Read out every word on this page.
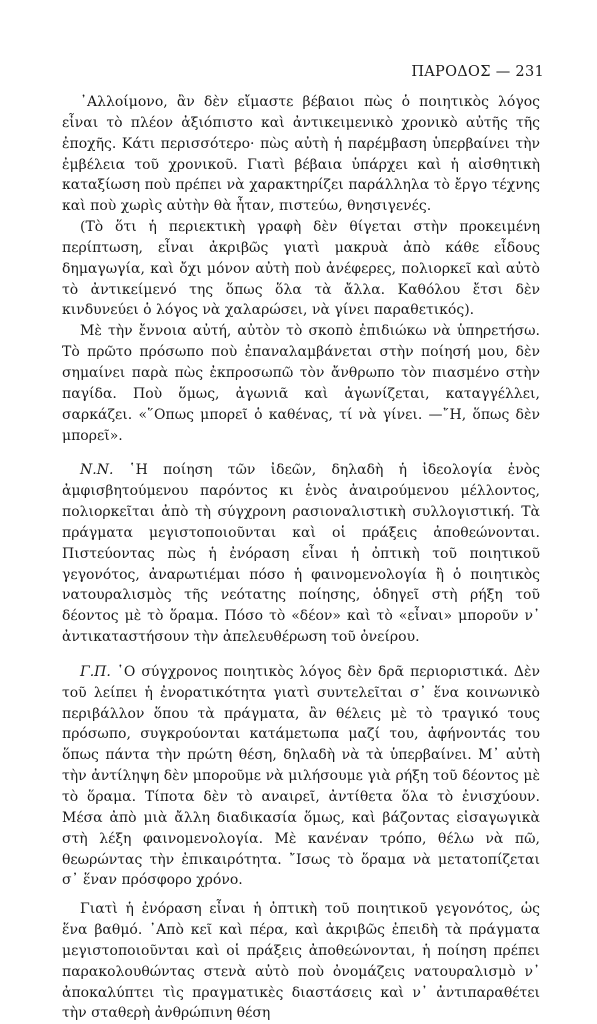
ΠΑΡΟΔΟΣ — 231

᾿Αλλοίμονο, ἂν δὲν εἴμαστε βέβαιοι πὼς ὁ ποιητικὸς λόγος εἶναι τὸ πλέον ἀξιόπιστο καὶ ἀντικειμενικὸ χρονικὸ αὐτῆς τῆς ἐποχῆς. Κάτι περισσότερο· πὼς αὐτὴ ἡ παρέμβαση ὑπερβαίνει τὴν ἐμβέλεια τοῦ χρονικοῦ. Γιατὶ βέβαια ὑπάρχει καὶ ἡ αἰσθητικὴ καταξίωση ποὺ πρέπει νὰ χαρακτηρίζει παράλληλα τὸ ἔργο τέχνης καὶ ποὺ χωρὶς αὐτὴν θὰ ἦταν, πιστεύω, θνησιγενές.

(Τὸ ὅτι ἡ περιεκτικὴ γραφὴ δὲν θίγεται στὴν προκειμένη περίπτωση, εἶναι ἀκριβῶς γιατὶ μακρυὰ ἀπὸ κάθε εἶδους δημαγωγία, καὶ ὄχι μόνον αὐτὴ ποὺ ἀνέφερες, πολιορκεῖ καὶ αὐτὸ τὸ ἀντικείμενό της ὅπως ὅλα τὰ ἄλλα. Καθόλου ἔτσι δὲν κινδυνεύει ὁ λόγος νὰ χαλαρώσει, νὰ γίνει παραθετικός).

Μὲ τὴν ἔννοια αὐτή, αὐτὸν τὸ σκοπὸ ἐπιδιώκω νὰ ὑπηρετήσω. Τὸ πρῶτο πρόσωπο ποὺ ἐπαναλαμβάνεται στὴν ποίησή μου, δὲν σημαίνει παρὰ πὼς ἐκπροσωπῶ τὸν ἄνθρωπο τὸν πιασμένο στὴν παγίδα. Ποὺ ὅμως, ἀγωνιᾶ καὶ ἀγωνίζεται, καταγγέλλει, σαρκάζει. «῞Οπως μπορεῖ ὁ καθένας, τί νὰ γίνει. —῎Η, ὅπως δὲν μπορεῖ».

Ν.Ν. ῾Η ποίηση τῶν ἰδεῶν, δηλαδὴ ἡ ἰδεολογία ἑνὸς ἀμφισβητούμενου παρόντος κι ἑνὸς ἀναιρούμενου μέλλοντος, πολιορκεῖται ἀπὸ τὴ σύγχρονη ρασιοναλιστικὴ συλλογιστική. Τὰ πράγματα μεγιστοποιοῦνται καὶ οἱ πράξεις ἀποθεώνονται. Πιστεύοντας πὼς ἡ ἐνόραση εἶναι ἡ ὀπτικὴ τοῦ ποιητικοῦ γεγονότος, ἀναρωτιέμαι πόσο ἡ φαινομενολογία ἢ ὁ ποιητικὸς νατουραλισμὸς τῆς νεότατης ποίησης, ὁδηγεῖ στὴ ρήξη τοῦ δέοντος μὲ τὸ ὅραμα. Πόσο τὸ «δέον» καὶ τὸ «εἶναι» μποροῦν ν᾿ ἀντικαταστήσουν τὴν ἀπελευθέρωση τοῦ ὀνείρου.

Γ.Π. ῾Ο σύγχρονος ποιητικὸς λόγος δὲν δρᾶ περιοριστικά. Δὲν τοῦ λείπει ἡ ἐνορατικότητα γιατὶ συντελεῖται σ᾿ ἕνα κοινωνικὸ περιβάλλον ὅπου τὰ πράγματα, ἂν θέλεις μὲ τὸ τραγικό τους πρόσωπο, συγκρούονται κατάμετωπα μαζί του, ἀφήνοντάς του ὅπως πάντα τὴν πρώτη θέση, δηλαδὴ νὰ τὰ ὑπερβαίνει. Μ᾿ αὐτὴ τὴν ἀντίληψη δὲν μποροῦμε νὰ μιλήσουμε γιὰ ρήξη τοῦ δέοντος μὲ τὸ ὅραμα. Τίποτα δὲν τὸ αναιρεῖ, ἀντίθετα ὅλα τὸ ἐνισχύουν. Μέσα ἀπὸ μιὰ ἄλλη διαδικασία ὅμως, καὶ βάζοντας εἰσαγωγικὰ στὴ λέξη φαινομενολογία. Μὲ κανέναν τρόπο, θέλω νὰ πῶ, θεωρώντας τὴν ἐπικαιρότητα. ῎Ισως τὸ ὅραμα νὰ μετατοπίζεται σ᾿ ἕναν πρόσφορο χρόνο.

Γιατὶ ἡ ἐνόραση εἶναι ἡ ὀπτικὴ τοῦ ποιητικοῦ γεγονότος, ὡς ἕνα βαθμό. ᾿Απὸ κεῖ καὶ πέρα, καὶ ἀκριβῶς ἐπειδὴ τὰ πράγματα μεγιστοποιοῦνται καὶ οἱ πράξεις ἀποθεώνονται, ἡ ποίηση πρέπει παρακολουθώντας στενὰ αὐτὸ ποὺ ὀνομάζεις νατουραλισμὸ ν᾿ ἀποκαλύπτει τὶς πραγματικὲς διαστάσεις καὶ ν᾿ ἀντιπαραθέτει τὴν σταθερὴ ἀνθρώπινη θέση
